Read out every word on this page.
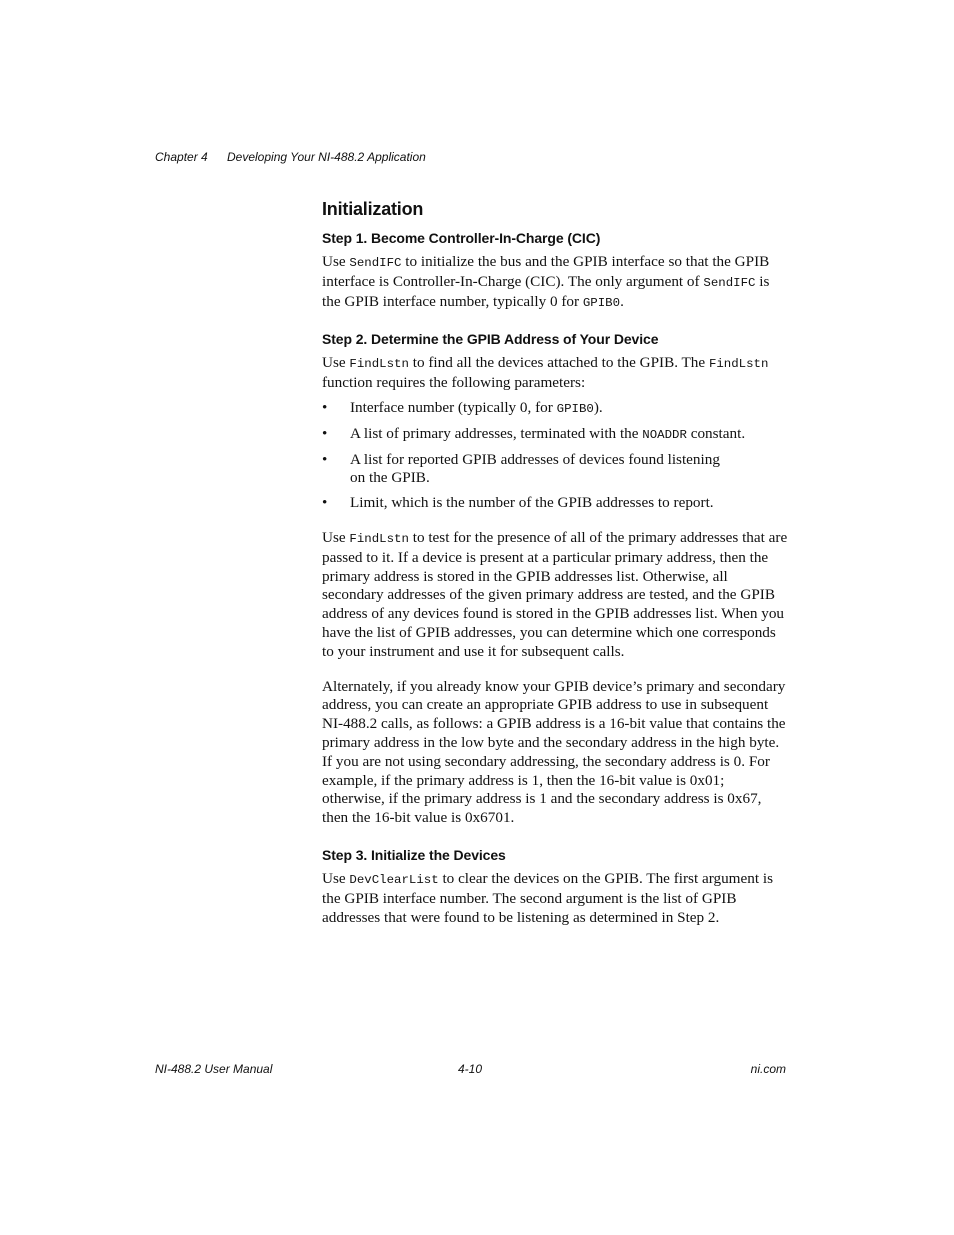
Chapter 4 Developing Your NI-488.2 Application
Initialization
Step 1. Become Controller-In-Charge (CIC)

Use SendIFC to initialize the bus and the GPIB interface so that the GPIB interface is Controller-In-Charge (CIC). The only argument of SendIFC is the GPIB interface number, typically 0 for GPIB0.

Step 2. Determine the GPIB Address of Your Device

Use FindLstn to find all the devices attached to the GPIB. The FindLstn function requires the following parameters:

• Interface number (typically 0, for GPIB0).
• A list of primary addresses, terminated with the NOADDR constant.
• A list for reported GPIB addresses of devices found listening
on the GPIB.
• Limit, which is the number of the GPIB addresses to report.

Use FindLstn to test for the presence of all of the primary addresses that are passed to it. If a device is present at a particular primary address, then the primary address is stored in the GPIB addresses list. Otherwise, all secondary addresses of the given primary address are tested, and the GPIB address of any devices found is stored in the GPIB addresses list. When you have the list of GPIB addresses, you can determine which one corresponds to your instrument and use it for subsequent calls.

Alternately, if you already know your GPIB device’s primary and secondary address, you can create an appropriate GPIB address to use in subsequent NI-488.2 calls, as follows: a GPIB address is a 16-bit value that contains the primary address in the low byte and the secondary address in the high byte. If you are not using secondary addressing, the secondary address is 0. For example, if the primary address is 1, then the 16-bit value is 0x01; otherwise, if the primary address is 1 and the secondary address is 0x67, then the 16-bit value is 0x6701.

Step 3. Initialize the Devices

Use DevClearList to clear the devices on the GPIB. The first argument is the GPIB interface number. The second argument is the list of GPIB addresses that were found to be listening as determined in Step 2.

NI-488.2 User Manual	4-10	ni.com
